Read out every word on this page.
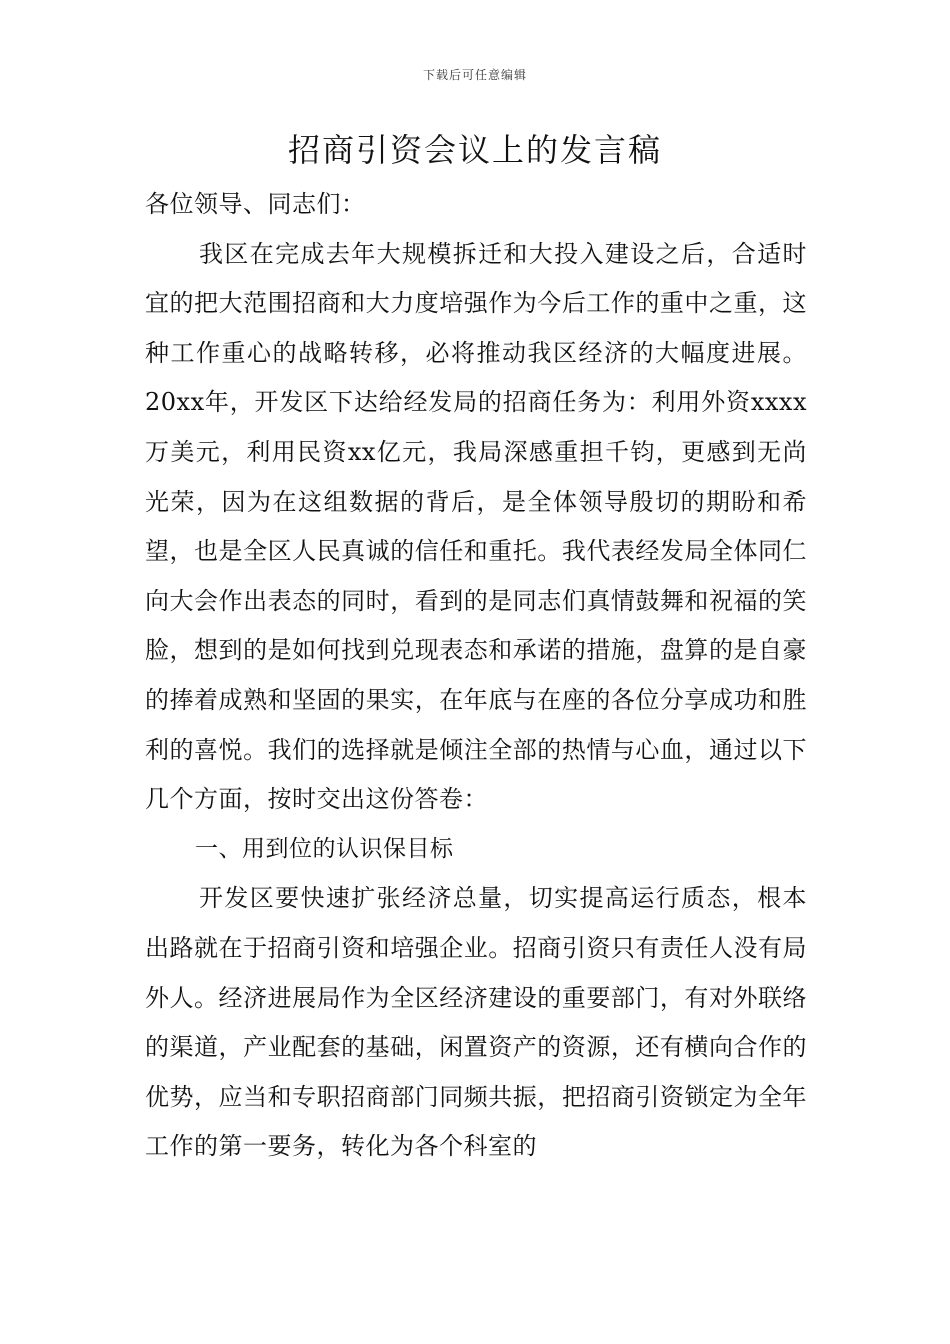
下载后可任意编辑
招商引资会议上的发言稿

各位领导、同志们：

我区在完成去年大规模拆迁和大投入建设之后，合适时宜的把大范围招商和大力度培强作为今后工作的重中之重，这种工作重心的战略转移，必将推动我区经济的大幅度进展。20xx年，开发区下达给经发局的招商任务为：利用外资xxxx万美元，利用民资xx亿元，我局深感重担千钧，更感到无尚光荣，因为在这组数据的背后，是全体领导殷切的期盼和希望，也是全区人民真诚的信任和重托。我代表经发局全体同仁向大会作出表态的同时，看到的是同志们真情鼓舞和祝福的笑脸，想到的是如何找到兑现表态和承诺的措施，盘算的是自豪的捧着成熟和坚固的果实，在年底与在座的各位分享成功和胜利的喜悦。我们的选择就是倾注全部的热情与心血，通过以下几个方面，按时交出这份答卷：

一、用到位的认识保目标

开发区要快速扩张经济总量，切实提高运行质态，根本出路就在于招商引资和培强企业。招商引资只有责任人没有局外人。经济进展局作为全区经济建设的重要部门，有对外联络的渠道，产业配套的基础，闲置资产的资源，还有横向合作的优势，应当和专职招商部门同频共振，把招商引资锁定为全年工作的第一要务，转化为各个科室的
